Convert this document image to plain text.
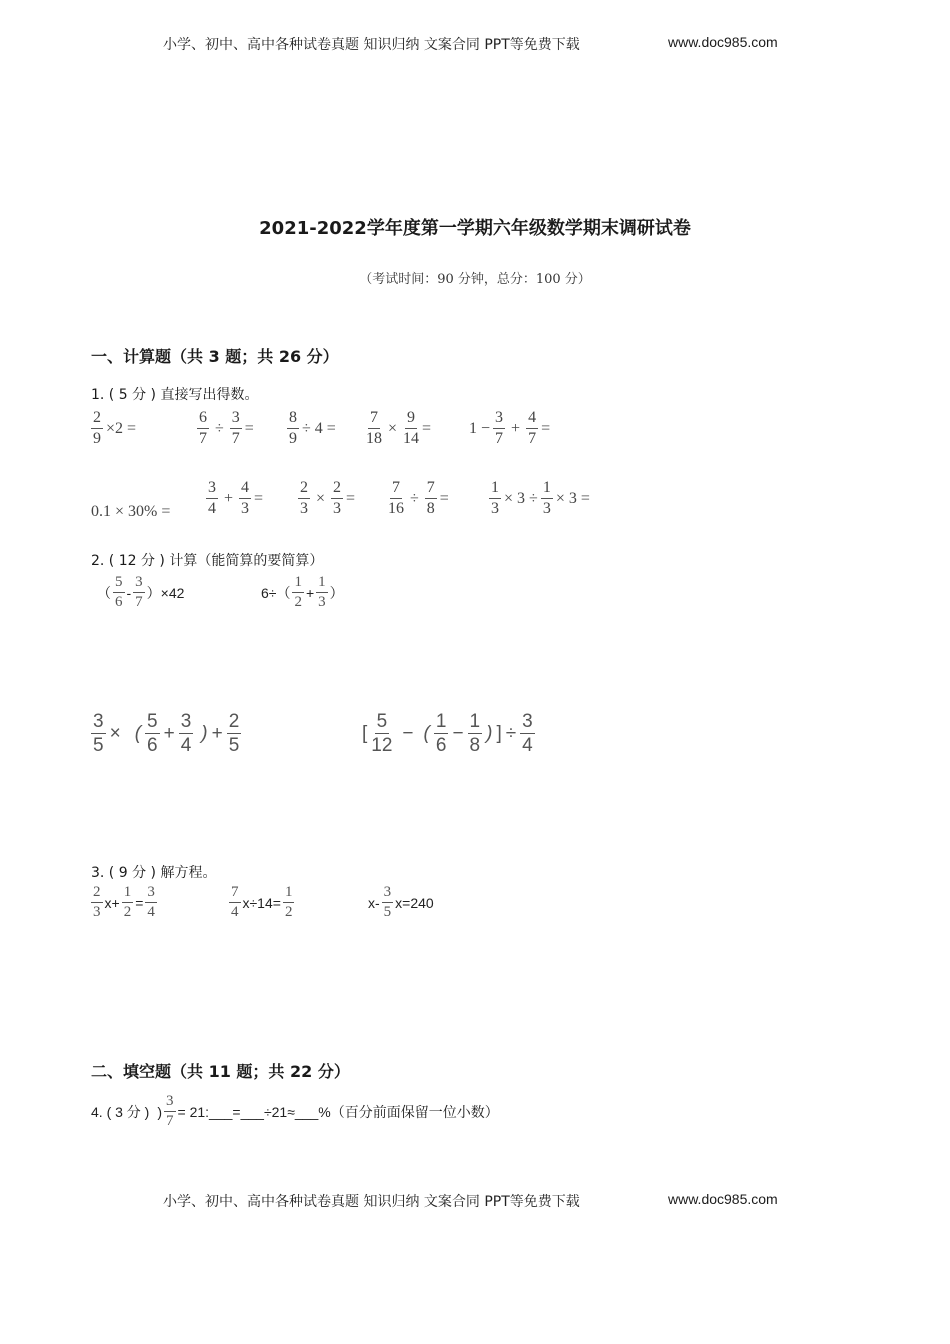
小学、初中、高中各种试卷真题 知识归纳 文案合同 PPT等免费下载	www.doc985.com
2021-2022学年度第一学期六年级数学期末调研试卷
（考试时间：90 分钟，总分：100 分）
一、计算题（共 3 题；共 26 分）
1. ( 5 分 ) 直接写出得数。
$\frac{2}{9} \times 2$ =	$\frac{6}{7} \div \frac{3}{7} = \frac{8}{9} \div 4 = \frac{7}{18} \times \frac{9}{14} = 1 - \frac{3}{7} + \frac{4}{7}$ =
0.1 × 30% =
3
4
+ $\frac{4}{3} = \frac{2}{3} \times \frac{2}{3} = \frac{7}{16} \div \frac{7}{8}$ =	$\frac{1}{3} \times 3 \div \frac{1}{3} \times 3$ =
2. ( 12 分 ) 计算（能简算的要简算）
（
5
6
-
3
7
）×42	6÷（
1
2
+ $\frac{1}{3}$ ）
$\frac{3}{5}$ × (
5
6
+ $\frac{3}{4}$ ) + $\frac{2}{5}$	[
5
12
− (
1
6
− $\frac{1}{8}$ ) ] ÷ $\frac{3}{4}$
3. ( 9 分 ) 解方程。
2
3
$x+ \frac{1}{2} = \frac{3}{4}$	7
4
$x\div 14= \frac{1}{2}$	x-
3
5
x=240
二、填空题（共 11 题；共 22 分）
4. ( 3 分 ) ) $\frac{3}{7}$ = 21:___=___÷21≈___%（百分前面保留一位小数）
小学、初中、高中各种试卷真题 知识归纳 文案合同 PPT等免费下载	www.doc985.com
